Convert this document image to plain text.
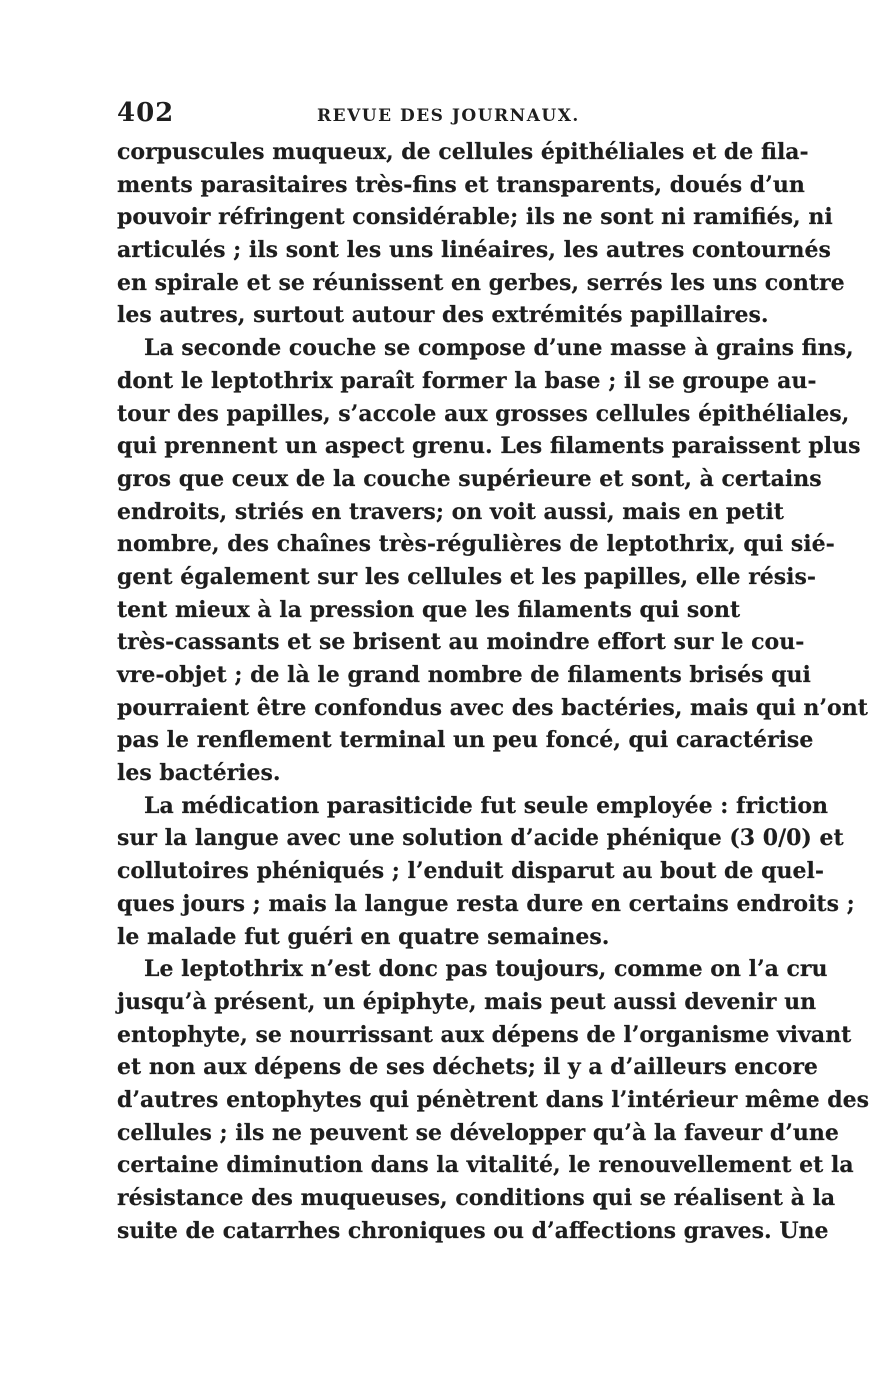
402	REVUE DES JOURNAUX.
corpuscules muqueux, de cellules épithéliales et de fila-
ments parasitaires très-fins et transparents, doués d’un
pouvoir réfringent considérable; ils ne sont ni ramifiés, ni
articulés ; ils sont les uns linéaires, les autres contournés
en spirale et se réunissent en gerbes, serrés les uns contre
les autres, surtout autour des extrémités papillaires.
La seconde couche se compose d’une masse à grains fins,
dont le leptothrix paraît former la base ; il se groupe au-
tour des papilles, s’accole aux grosses cellules épithéliales,
qui prennent un aspect grenu. Les filaments paraissent plus
gros que ceux de la couche supérieure et sont, à certains
endroits, striés en travers; on voit aussi, mais en petit
nombre, des chaînes très-régulières de leptothrix, qui sié-
gent également sur les cellules et les papilles, elle résis-
tent mieux à la pression que les filaments qui sont
très-cassants et se brisent au moindre effort sur le cou-
vre-objet ; de là le grand nombre de filaments brisés qui
pourraient être confondus avec des bactéries, mais qui n’ont
pas le renflement terminal un peu foncé, qui caractérise
les bactéries.
La médication parasiticide fut seule employée : friction
sur la langue avec une solution d’acide phénique (3 0/0) et
collutoires phéniqués ; l’enduit disparut au bout de quel-
ques jours ; mais la langue resta dure en certains endroits ;
le malade fut guéri en quatre semaines.
Le leptothrix n’est donc pas toujours, comme on l’a cru
jusqu’à présent, un épiphyte, mais peut aussi devenir un
entophyte, se nourrissant aux dépens de l’organisme vivant
et non aux dépens de ses déchets; il y a d’ailleurs encore
d’autres entophytes qui pénètrent dans l’intérieur même des
cellules ; ils ne peuvent se développer qu’à la faveur d’une
certaine diminution dans la vitalité, le renouvellement et la
résistance des muqueuses, conditions qui se réalisent à la
suite de catarrhes chroniques ou d’affections graves. Une
